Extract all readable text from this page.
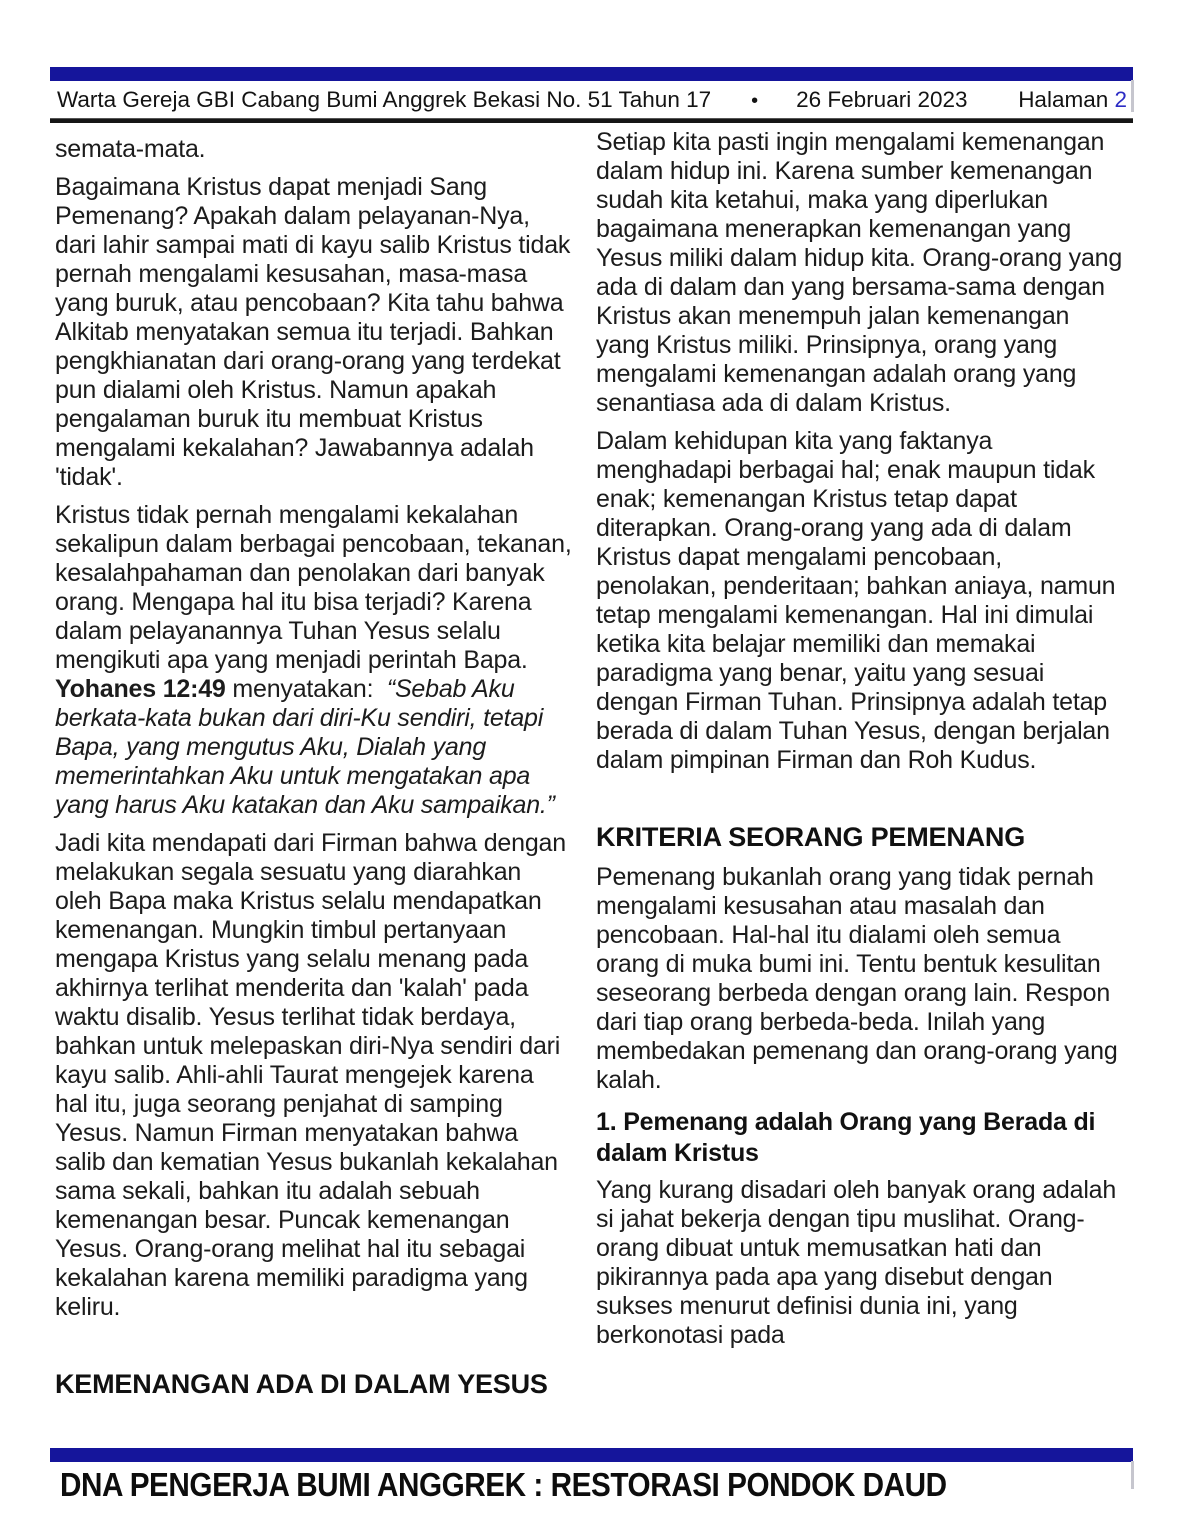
Warta Gereja GBI Cabang Bumi Anggrek Bekasi No. 51 Tahun 17 • 26 Februari 2023 Halaman 2

semata-mata.

Bagaimana Kristus dapat menjadi Sang Pemenang? Apakah dalam pelayanan-Nya, dari lahir sampai mati di kayu salib Kristus tidak pernah mengalami kesusahan, masa-masa yang buruk, atau pencobaan? Kita tahu bahwa Alkitab menyatakan semua itu terjadi. Bahkan pengkhianatan dari orang-orang yang terdekat pun dialami oleh Kristus. Namun apakah pengalaman buruk itu membuat Kristus mengalami kekalahan? Jawabannya adalah 'tidak'.

Kristus tidak pernah mengalami kekalahan sekalipun dalam berbagai pencobaan, tekanan, kesalahpahaman dan penolakan dari banyak orang. Mengapa hal itu bisa terjadi? Karena dalam pelayanannya Tuhan Yesus selalu mengikuti apa yang menjadi perintah Bapa. Yohanes 12:49 menyatakan:  “Sebab Aku berkata-kata bukan dari diri-Ku sendiri, tetapi Bapa, yang mengutus Aku, Dialah yang memerintahkan Aku untuk mengatakan apa yang harus Aku katakan dan Aku sampaikan.”

Jadi kita mendapati dari Firman bahwa dengan melakukan segala sesuatu yang diarahkan oleh Bapa maka Kristus selalu mendapatkan kemenangan. Mungkin timbul pertanyaan mengapa Kristus yang selalu menang pada akhirnya terlihat menderita dan 'kalah' pada waktu disalib. Yesus terlihat tidak berdaya, bahkan untuk melepaskan diri-Nya sendiri dari kayu salib. Ahli-ahli Taurat mengejek karena hal itu, juga seorang penjahat di samping Yesus. Namun Firman menyatakan bahwa salib dan kematian Yesus bukanlah kekalahan sama sekali, bahkan itu adalah sebuah kemenangan besar. Puncak kemenangan Yesus. Orang-orang melihat hal itu sebagai kekalahan karena memiliki paradigma yang keliru.

KEMENANGAN ADA DI DALAM YESUS

Setiap kita pasti ingin mengalami kemenangan dalam hidup ini. Karena sumber kemenangan sudah kita ketahui, maka yang diperlukan bagaimana menerapkan kemenangan yang Yesus miliki dalam hidup kita. Orang-orang yang ada di dalam dan yang bersama-sama dengan Kristus akan menempuh jalan kemenangan yang Kristus miliki. Prinsipnya, orang yang mengalami kemenangan adalah orang yang senantiasa ada di dalam Kristus.

Dalam kehidupan kita yang faktanya menghadapi berbagai hal; enak maupun tidak enak; kemenangan Kristus tetap dapat diterapkan. Orang-orang yang ada di dalam Kristus dapat mengalami pencobaan, penolakan, penderitaan; bahkan aniaya, namun tetap mengalami kemenangan. Hal ini dimulai ketika kita belajar memiliki dan memakai paradigma yang benar, yaitu yang sesuai dengan Firman Tuhan. Prinsipnya adalah tetap berada di dalam Tuhan Yesus, dengan berjalan dalam pimpinan Firman dan Roh Kudus.

KRITERIA SEORANG PEMENANG

Pemenang bukanlah orang yang tidak pernah mengalami kesusahan atau masalah dan pencobaan. Hal-hal itu dialami oleh semua orang di muka bumi ini. Tentu bentuk kesulitan seseorang berbeda dengan orang lain. Respon dari tiap orang berbeda-beda. Inilah yang membedakan pemenang dan orang-orang yang kalah.

1. Pemenang adalah Orang yang Berada di dalam Kristus

Yang kurang disadari oleh banyak orang adalah si jahat bekerja dengan tipu muslihat. Orang-orang dibuat untuk memusatkan hati dan pikirannya pada apa yang disebut dengan sukses menurut definisi dunia ini, yang berkonotasi pada

DNA PENGERJA BUMI ANGGREK : RESTORASI PONDOK DAUD
